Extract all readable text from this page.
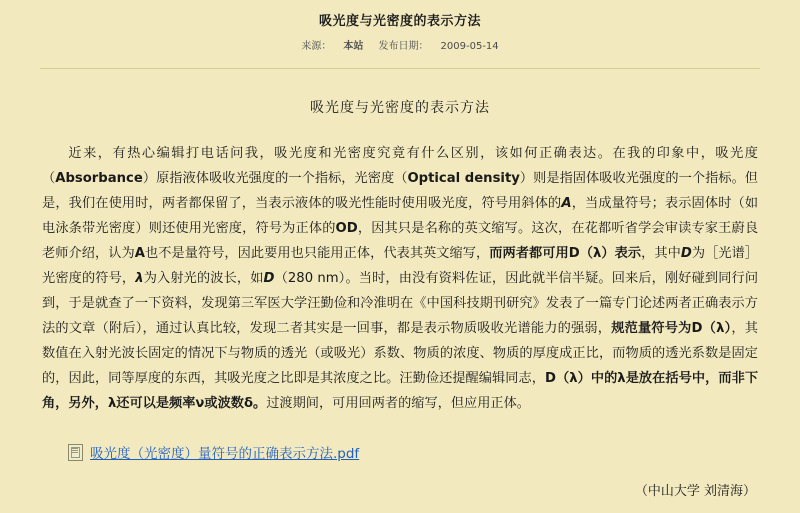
吸光度与光密度的表示方法
来源： 本站 发布日期： 2009-05-14
吸光度与光密度的表示方法
近来，有热心编辑打电话问我，吸光度和光密度究竟有什么区别，该如何正确表达。在我的印象中，吸光度（Absorbance）原指液体吸收光强度的一个指标，光密度（Optical density）则是指固体吸收光强度的一个指标。但是，我们在使用时，两者都保留了，当表示液体的吸光性能时使用吸光度，符号用斜体的A，当成量符号；表示固体时（如电泳条带光密度）则还使用光密度，符号为正体的OD，因其只是名称的英文缩写。这次，在花都听省学会审读专家王蔚良老师介绍，认为A也不是量符号，因此要用也只能用正体，代表其英文缩写，而两者都可用D（λ）表示，其中D为［光谱］光密度的符号，λ为入射光的波长，如D（280 nm）。当时，由没有资料佐证，因此就半信半疑。回来后，刚好碰到同行问到，于是就查了一下资料，发现第三军医大学汪勤俭和冷淮明在《中国科技期刊研究》发表了一篇专门论述两者正确表示方法的文章（附后），通过认真比较，发现二者其实是一回事，都是表示物质吸收光谱能力的强弱，规范量符号为D（λ），其数值在入射光波长固定的情况下与物质的透光（或吸光）系数、物质的浓度、物质的厚度成正比，而物质的透光系数是固定的，因此，同等厚度的东西，其吸光度之比即是其浓度之比。汪勤俭还提醒编辑同志，D（λ）中的λ是放在括号中，而非下角，另外，λ还可以是频率ν或波数δ。过渡期间，可用回两者的缩写，但应用正体。
吸光度（光密度）量符号的正确表示方法.pdf
（中山大学 刘清海）
